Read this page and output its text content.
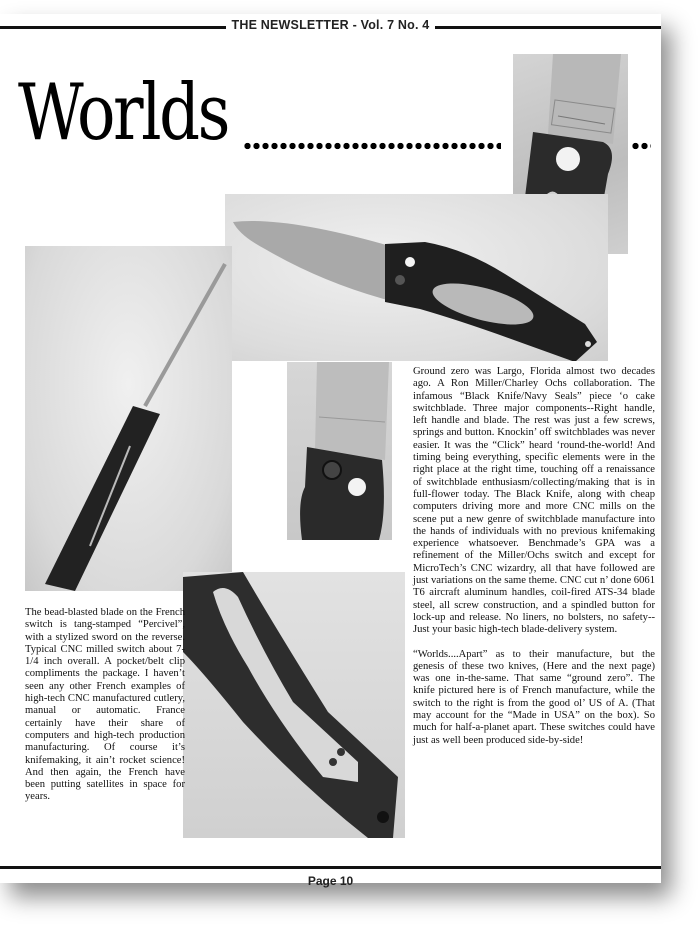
THE NEWSLETTER - Vol. 7 No. 4
Worlds

The bead-blasted blade on the French switch is tang-stamped “Percivel”, with a stylized sword on the reverse. Typical CNC milled switch about 7-1/4 inch overall. A pocket/belt clip compliments the package. I haven’t seen any other French examples of high-tech CNC manufactured cutlery, manual or automatic. France certainly have their share of computers and high-tech production manufacturing. Of course it’s knifemaking, it ain’t rocket science! And then again, the French have been putting satellites in space for years.

Ground zero was Largo, Florida almost two decades ago. A Ron Miller/Charley Ochs collaboration. The infamous “Black Knife/Navy Seals” piece ‘o cake switchblade. Three major components--Right handle, left handle and blade. The rest was just a few screws, springs and button. Knockin’ off switchblades was never easier. It was the “Click” heard ‘round-the-world! And timing being everything, specific elements were in the right place at the right time, touching off a renaissance of switchblade enthusiasm/collecting/making that is in full-flower today. The Black Knife, along with cheap computers driving more and more CNC mills on the scene put a new genre of switchblade manufacture into the hands of individuals with no previous knifemaking experience whatsoever. Benchmade’s GPA was a refinement of the Miller/Ochs switch and except for MicroTech’s CNC wizardry, all that have followed are just variations on the same theme. CNC cut n’ done 6061 T6 aircraft aluminum handles, coil-fired ATS-34 blade steel, all screw construction, and a spindled button for lock-up and release. No liners, no bolsters, no safety--Just your basic high-tech blade-delivery system.

“Worlds....Apart” as to their manufacture, but the genesis of these two knives, (Here and the next page) was one in-the-same. That same “ground zero”. The knife pictured here is of French manufacture, while the switch to the right is from the good ol’ US of A. (That may account for the “Made in USA” on the box). So much for half-a-planet apart. These switches could have just as well been produced side-by-side!

Page 10
